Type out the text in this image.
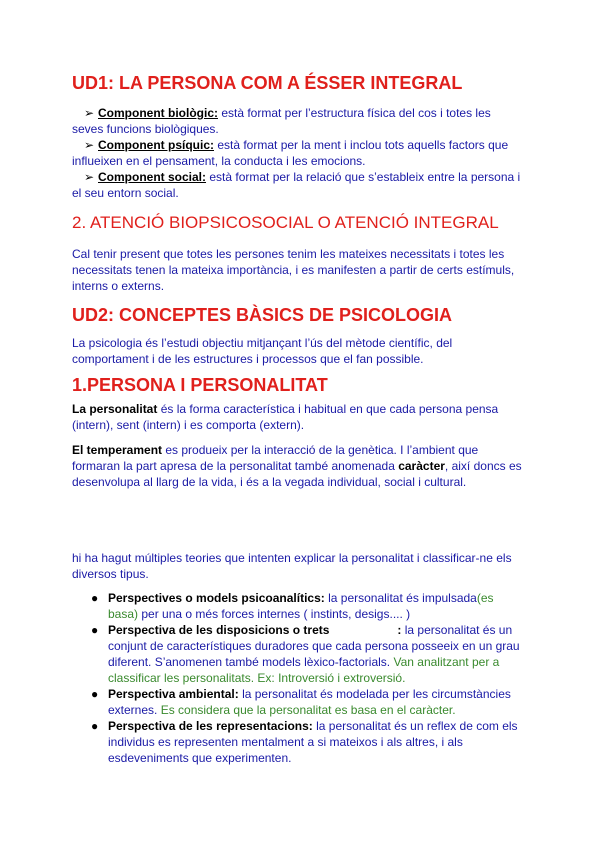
UD1: LA PERSONA COM A ÉSSER INTEGRAL
➢ Component biològic: està format per l’estructura física del cos i totes les
seves funcions biològiques.
➢ Component psíquic: està format per la ment i inclou tots aquells factors que
influeixen en el pensament, la conducta i les emocions.
➢ Component social: està format per la relació que s’estableix entre la persona i
el seu entorn social.
2. ATENCIÓ BIOPSICOSOCIAL O ATENCIÓ INTEGRAL
Cal tenir present que totes les persones tenim les mateixes necessitats i totes les
necessitats tenen la mateixa importància, i es manifesten a partir de certs estímuls,
interns o externs.
UD2: CONCEPTES BÀSICS DE PSICOLOGIA
La psicologia és l’estudi objectiu mitjançant l’ús del mètode científic, del
comportament i de les estructures i processos que el fan possible.
1.PERSONA I PERSONALITAT
La personalitat és la forma característica i habitual en que cada persona pensa
(intern), sent (intern) i es comporta (extern).
El temperament es produeix per la interacció de la genètica. I l’ambient que
formaran la part apresa de la personalitat també anomenada caràcter, així doncs es
desenvolupa al llarg de la vida, i és a la vegada individual, social i cultural.
hi ha hagut múltiples teories que intenten explicar la personalitat i classificar-ne els
diversos tipus.
● Perspectives o models psicoanalítics: la personalitat és impulsada(es
basa) per una o més forces internes ( instints, desigs.... )
● Perspectiva de les disposicions o trets	: la personalitat és un
conjunt de característiques duradores que cada persona posseeix en un grau
diferent. S’anomenen també models lèxico-factorials. Van analitzant per a
classificar les personalitats. Ex: Introversió i extroversió.
● Perspectiva ambiental: la personalitat és modelada per les circumstàncies
externes. Es considera que la personalitat es basa en el caràcter.
● Perspectiva de les representacions: la personalitat és un reflex de com els
individus es representen mentalment a si mateixos i als altres, i als
esdeveniments que experimenten.
